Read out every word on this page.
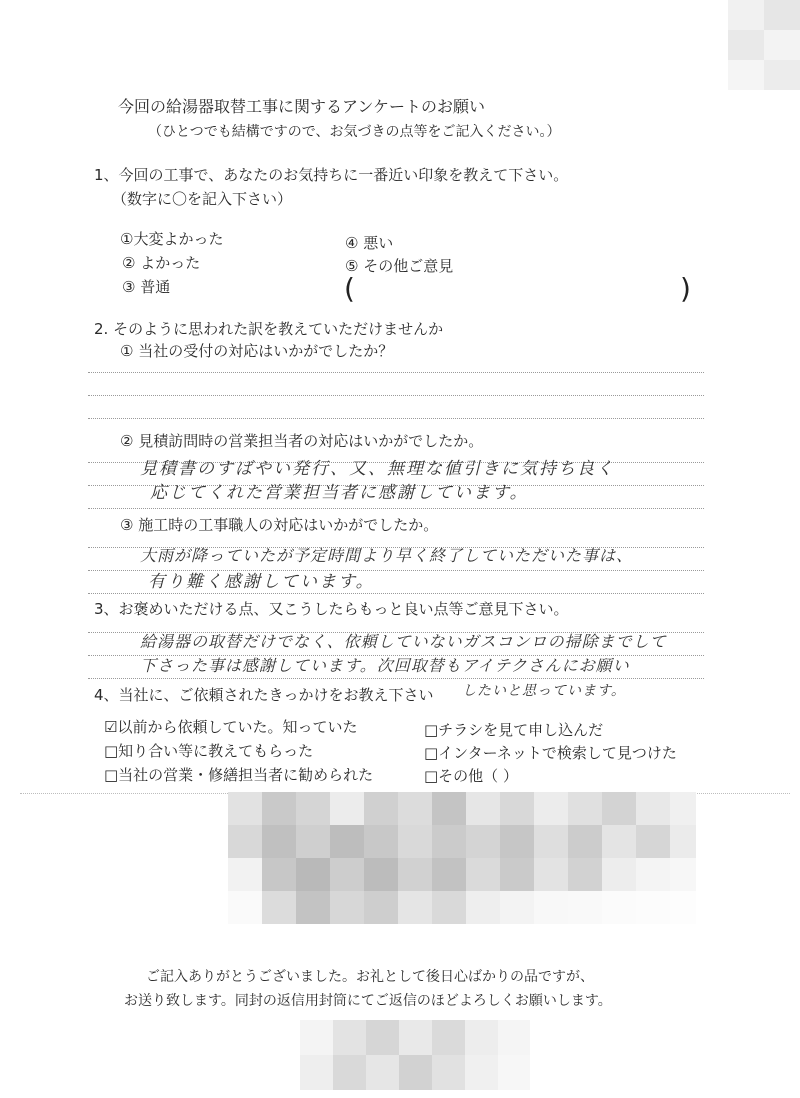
今回の給湯器取替工事に関するアンケートのお願い
（ひとつでも結構ですので、お気づきの点等をご記入ください。）
1、今回の工事で、あなたのお気持ちに一番近い印象を教えて下さい。
（数字に〇を記入下さい）
①大変よかった
② よかった
③ 普通
④ 悪い
⑤ その他ご意見
(	)
2. そのように思われた訳を教えていただけませんか
① 当社の受付の対応はいかがでしたか？
② 見積訪問時の営業担当者の対応はいかがでしたか。
見積書のすばやい発行、又、無理な値引きに気持ち良く
応じてくれた営業担当者に感謝しています。
③ 施工時の工事職人の対応はいかがでしたか。
大雨が降っていたが予定時間より早く終了していただいた事は、
有り難く感謝しています。
3、お褒めいただける点、又こうしたらもっと良い点等ご意見下さい。
給湯器の取替だけでなく、依頼していないガスコンロの掃除までして
下さった事は感謝しています。次回取替もアイテクさんにお願い
したいと思っています。
4、当社に、ご依頼されたきっかけをお教え下さい
☑以前から依頼していた。知っていた
□知り合い等に教えてもらった
□当社の営業・修繕担当者に勧められた
□チラシを見て申し込んだ
□インターネットで検索して見つけた
□その他（ ）
ご記入ありがとうございました。お礼として後日心ばかりの品ですが、
お送り致します。同封の返信用封筒にてご返信のほどよろしくお願いします。
